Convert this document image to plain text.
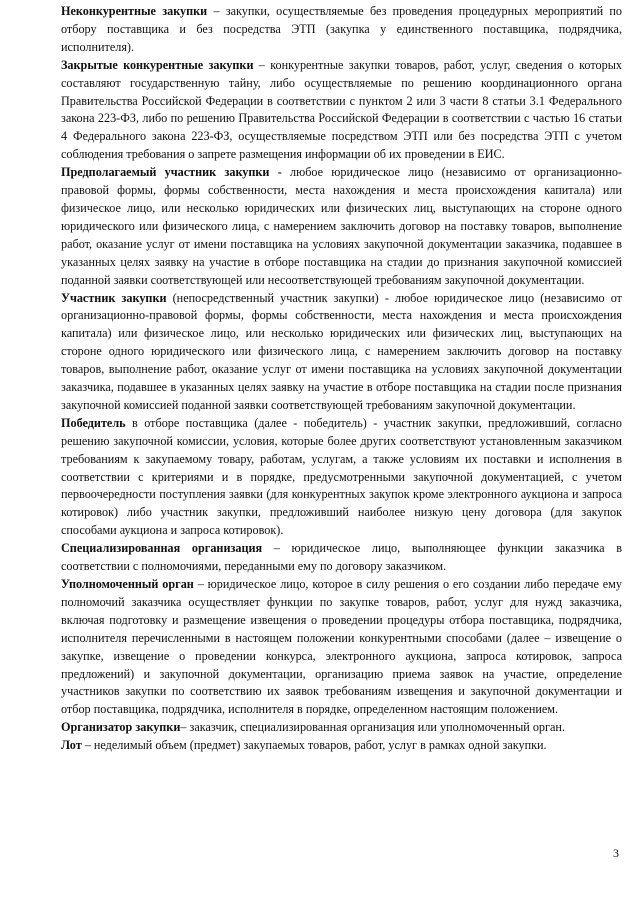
Неконкурентные закупки – закупки, осуществляемые без проведения процедурных мероприятий по отбору поставщика и без посредства ЭТП (закупка у единственного поставщика, подрядчика, исполнителя).

Закрытые конкурентные закупки – конкурентные закупки товаров, работ, услуг, сведения о которых составляют государственную тайну, либо осуществляемые по решению координационного органа Правительства Российской Федерации в соответствии с пунктом 2 или 3 части 8 статьи 3.1 Федерального закона 223-ФЗ, либо по решению Правительства Российской Федерации в соответствии с частью 16 статьи 4 Федерального закона 223-ФЗ, осуществляемые посредством ЭТП или без посредства ЭТП с учетом соблюдения требования о запрете размещения информации об их проведении в ЕИС.

Предполагаемый участник закупки - любое юридическое лицо (независимо от организационно-правовой формы, формы собственности, места нахождения и места происхождения капитала) или физическое лицо, или несколько юридических или физических лиц, выступающих на стороне одного юридического или физического лица, с намерением заключить договор на поставку товаров, выполнение работ, оказание услуг от имени поставщика на условиях закупочной документации заказчика, подавшее в указанных целях заявку на участие в отборе поставщика на стадии до признания закупочной комиссией поданной заявки соответствующей или несоответствующей требованиям закупочной документации.

Участник закупки (непосредственный участник закупки) - любое юридическое лицо (независимо от организационно-правовой формы, формы собственности, места нахождения и места происхождения капитала) или физическое лицо, или несколько юридических или физических лиц, выступающих на стороне одного юридического или физического лица, с намерением заключить договор на поставку товаров, выполнение работ, оказание услуг от имени поставщика на условиях закупочной документации заказчика, подавшее в указанных целях заявку на участие в отборе поставщика на стадии после признания закупочной комиссией поданной заявки соответствующей требованиям закупочной документации.

Победитель в отборе поставщика (далее - победитель) - участник закупки, предложивший, согласно решению закупочной комиссии, условия, которые более других соответствуют установленным заказчиком требованиям к закупаемому товару, работам, услугам, а также условиям их поставки и исполнения в соответствии с критериями и в порядке, предусмотренными закупочной документацией, с учетом первоочередности поступления заявки (для конкурентных закупок кроме электронного аукциона и запроса котировок) либо участник закупки, предложивший наиболее низкую цену договора (для закупок способами аукциона и запроса котировок).

Специализированная организация – юридическое лицо, выполняющее функции заказчика в соответствии с полномочиями, переданными ему по договору заказчиком.

Уполномоченный орган – юридическое лицо, которое в силу решения о его создании либо передаче ему полномочий заказчика осуществляет функции по закупке товаров, работ, услуг для нужд заказчика, включая подготовку и размещение извещения о проведении процедуры отбора поставщика, подрядчика, исполнителя перечисленными в настоящем положении конкурентными способами (далее – извещение о закупке, извещение о проведении конкурса, электронного аукциона, запроса котировок, запроса предложений) и закупочной документации, организацию приема заявок на участие, определение участников закупки по соответствию их заявок требованиям извещения и закупочной документации и отбор поставщика, подрядчика, исполнителя в порядке, определенном настоящим положением.

Организатор закупки– заказчик, специализированная организация или уполномоченный орган.

Лот – неделимый объем (предмет) закупаемых товаров, работ, услуг в рамках одной закупки.

3
